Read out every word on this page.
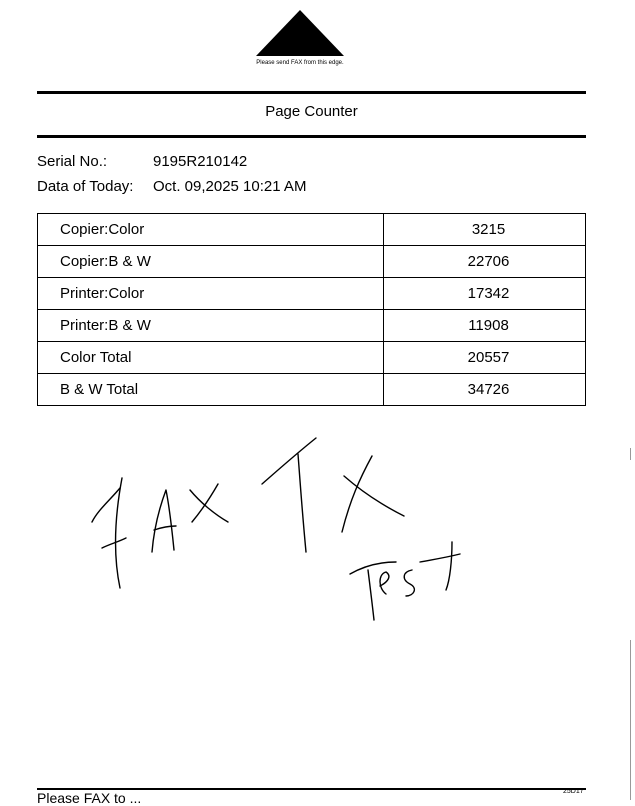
Please send FAX from this edge.
Page Counter
Serial No.:	9195R210142
Data of Today: Oct. 09,2025 10:21 AM
Copier:Color	3215
Copier:B & W	22706
Printer:Color	17342
Printer:B & W	11908
Color Total	20557
B & W Total	34726
Please FAX to ...	25D17
